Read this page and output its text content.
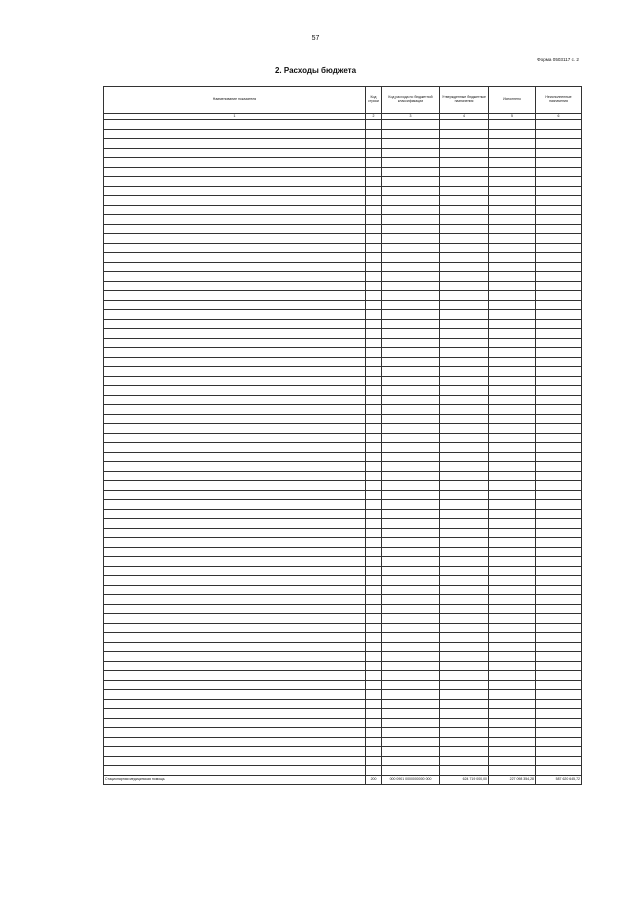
57
Форма 0503117 с. 2
2. Расходы бюджета
Наименование показателя	Код строки	Код расхода по бюджетной классификации	Утвержденные бюджетные назначения	Исполнено	Неисполненные назначения
1	2	3	4	5	6

Стационарная медицинская помощь	200	000 0901 0000000000 000	624 719 000,00	227 098 354,28	587 620 645,72
